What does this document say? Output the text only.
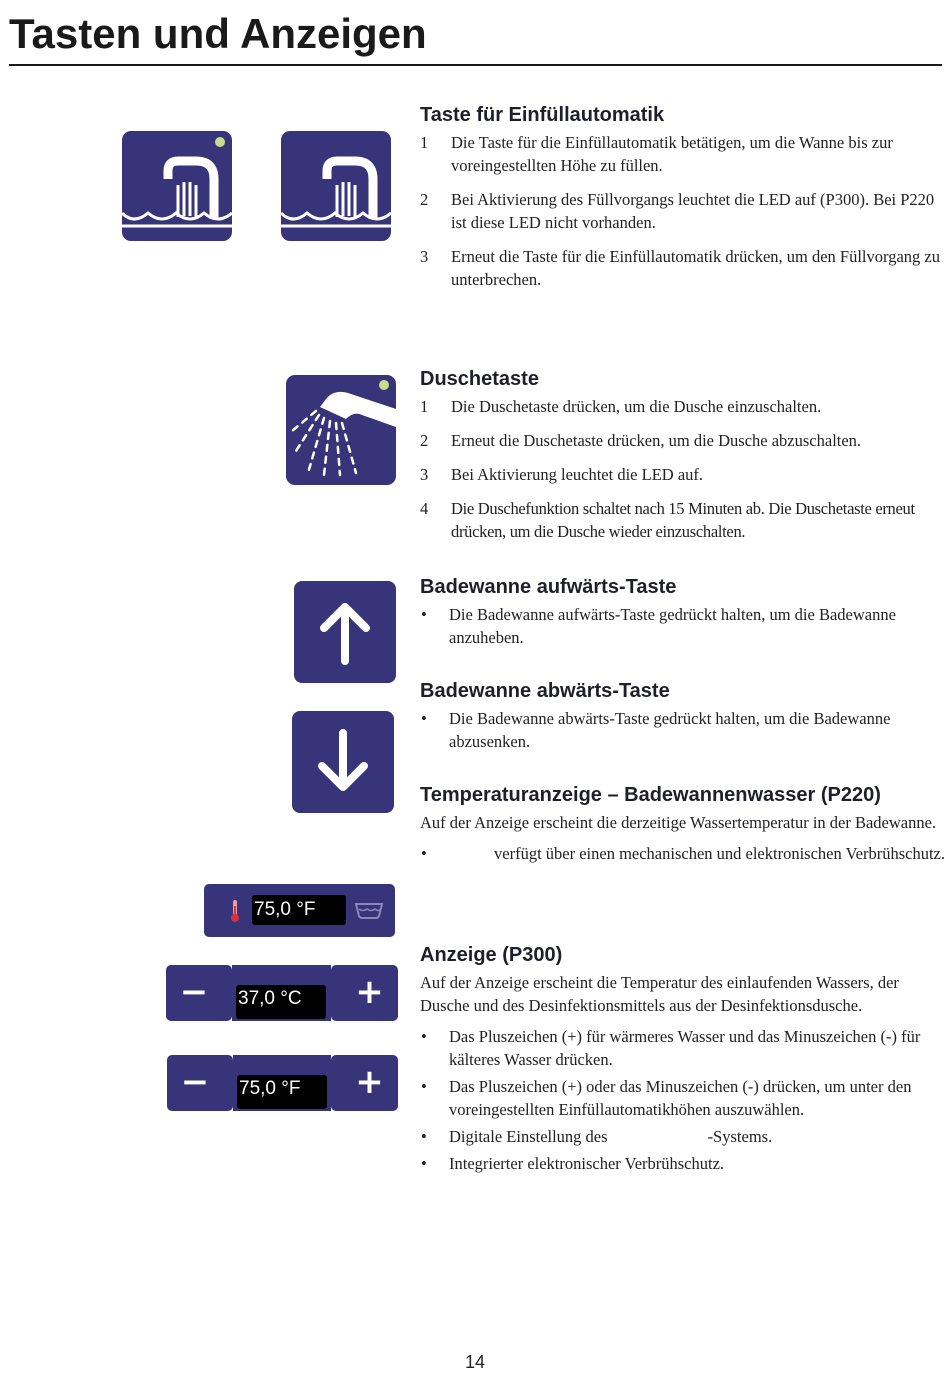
Tasten und Anzeigen
75,0 °F
−	+
37,0 °C
−	+
75,0 °F
Taste für Einfüllautomatik
1 Die Taste für die Einfüllautomatik betätigen, um die Wanne bis zur voreingestellten Höhe zu füllen.
2 Bei Aktivierung des Füllvorgangs leuchtet die LED auf (P300). Bei P220 ist diese LED nicht vorhanden.
3 Erneut die Taste für die Einfüllautomatik drücken, um den Füllvorgang zu unterbrechen.
Duschetaste
1 Die Duschetaste drücken, um die Dusche einzuschalten.
2 Erneut die Duschetaste drücken, um die Dusche abzuschalten.
3 Bei Aktivierung leuchtet die LED auf.
4 Die Duschefunktion schaltet nach 15 Minuten ab. Die Duschetaste erneut drücken, um die Dusche wieder einzuschalten.
Badewanne aufwärts-Taste
• Die Badewanne aufwärts-Taste gedrückt halten, um die Badewanne anzuheben.
Badewanne abwärts-Taste
• Die Badewanne abwärts-Taste gedrückt halten, um die Badewanne abzusenken.
Temperaturanzeige – Badewannenwasser (P220)

Auf der Anzeige erscheint die derzeitige Wassertemperatur in der Badewanne.

•	verfügt über einen mechanischen und elektronischen Verbrühschutz.
Anzeige (P300)

Auf der Anzeige erscheint die Temperatur des einlaufenden Wassers, der Dusche und des Desinfektionsmittels aus der Desinfektionsdusche.

• Das Pluszeichen (+) für wärmeres Wasser und das Minuszeichen (-) für kälteres Wasser drücken.
• Das Pluszeichen (+) oder das Minuszeichen (-) drücken, um unter den voreingestellten Einfüllautomatikhöhen auszuwählen.
• Digitale Einstellung des	-Systems.
• Integrierter elektronischer Verbrühschutz.
14
